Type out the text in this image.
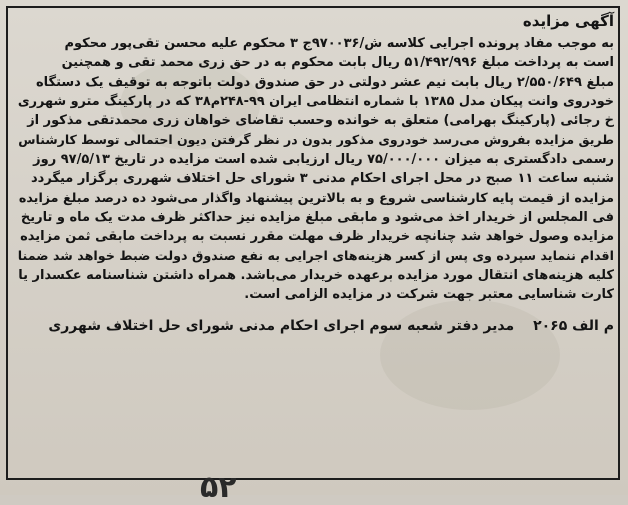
آگهی مزایده
به موجب مفاد پرونده اجرایی کلاسه ش/۹۷۰۰۳۶ج ۳ محکوم علیه محسن تقی‌پور محکوم
است به پرداخت مبلغ ۵۱/۴۹۲/۹۹۶ ریال بابت محکوم به در حق زری محمد تقی و همچنین
مبلغ ۲/۵۵۰/۶۴۹ ریال بابت نیم عشر دولتی در حق صندوق دولت باتوجه به توقیف یک دستگاه
خودروی وانت پیکان مدل ۱۳۸۵ با شماره انتظامی ایران ۹۹-۲۴۸م۳۸ که در پارکینگ مترو شهرری
خ رجائی (پارکینگ بهرامی) متعلق به خوانده وحسب تقاضای خواهان زری محمدتقی مذکور از
طریق مزایده بفروش می‌رسد خودروی مذکور بدون در نظر گرفتن دیون احتمالی توسط کارشناس
رسمی دادگستری به میزان ۷۵/۰۰۰/۰۰۰ ریال ارزیابی شده است مزایده در تاریخ ۹۷/۵/۱۳ روز
شنبه ساعت ۱۱ صبح در محل اجرای احکام مدنی ۳ شورای حل اختلاف شهرری برگزار میگردد
مزایده از قیمت پایه کارشناسی شروع و به بالاترین پیشنهاد واگذار می‌شود ده درصد مبلغ مزایده
فی المجلس از خریدار اخذ می‌شود و مابقی مبلغ مزایده نیز حداکثر ظرف مدت یک ماه و تاریخ
مزایده وصول خواهد شد چنانچه خریدار ظرف مهلت مقرر نسبت به پرداخت مابقی ثمن مزایده
اقدام ننماید سپرده وی پس از کسر هزینه‌های اجرایی به نفع صندوق دولت ضبط خواهد شد ضمنا
کلیه هزینه‌های انتقال مورد مزایده برعهده خریدار می‌باشد. همراه داشتن شناسنامه عکسدار یا
کارت شناسایی معتبر جهت شرکت در مزایده الزامی است.
م الف ۲۰۶۵ مدیر دفتر شعبه سوم اجرای احکام مدنی شورای حل اختلاف شهرری
۵۲
